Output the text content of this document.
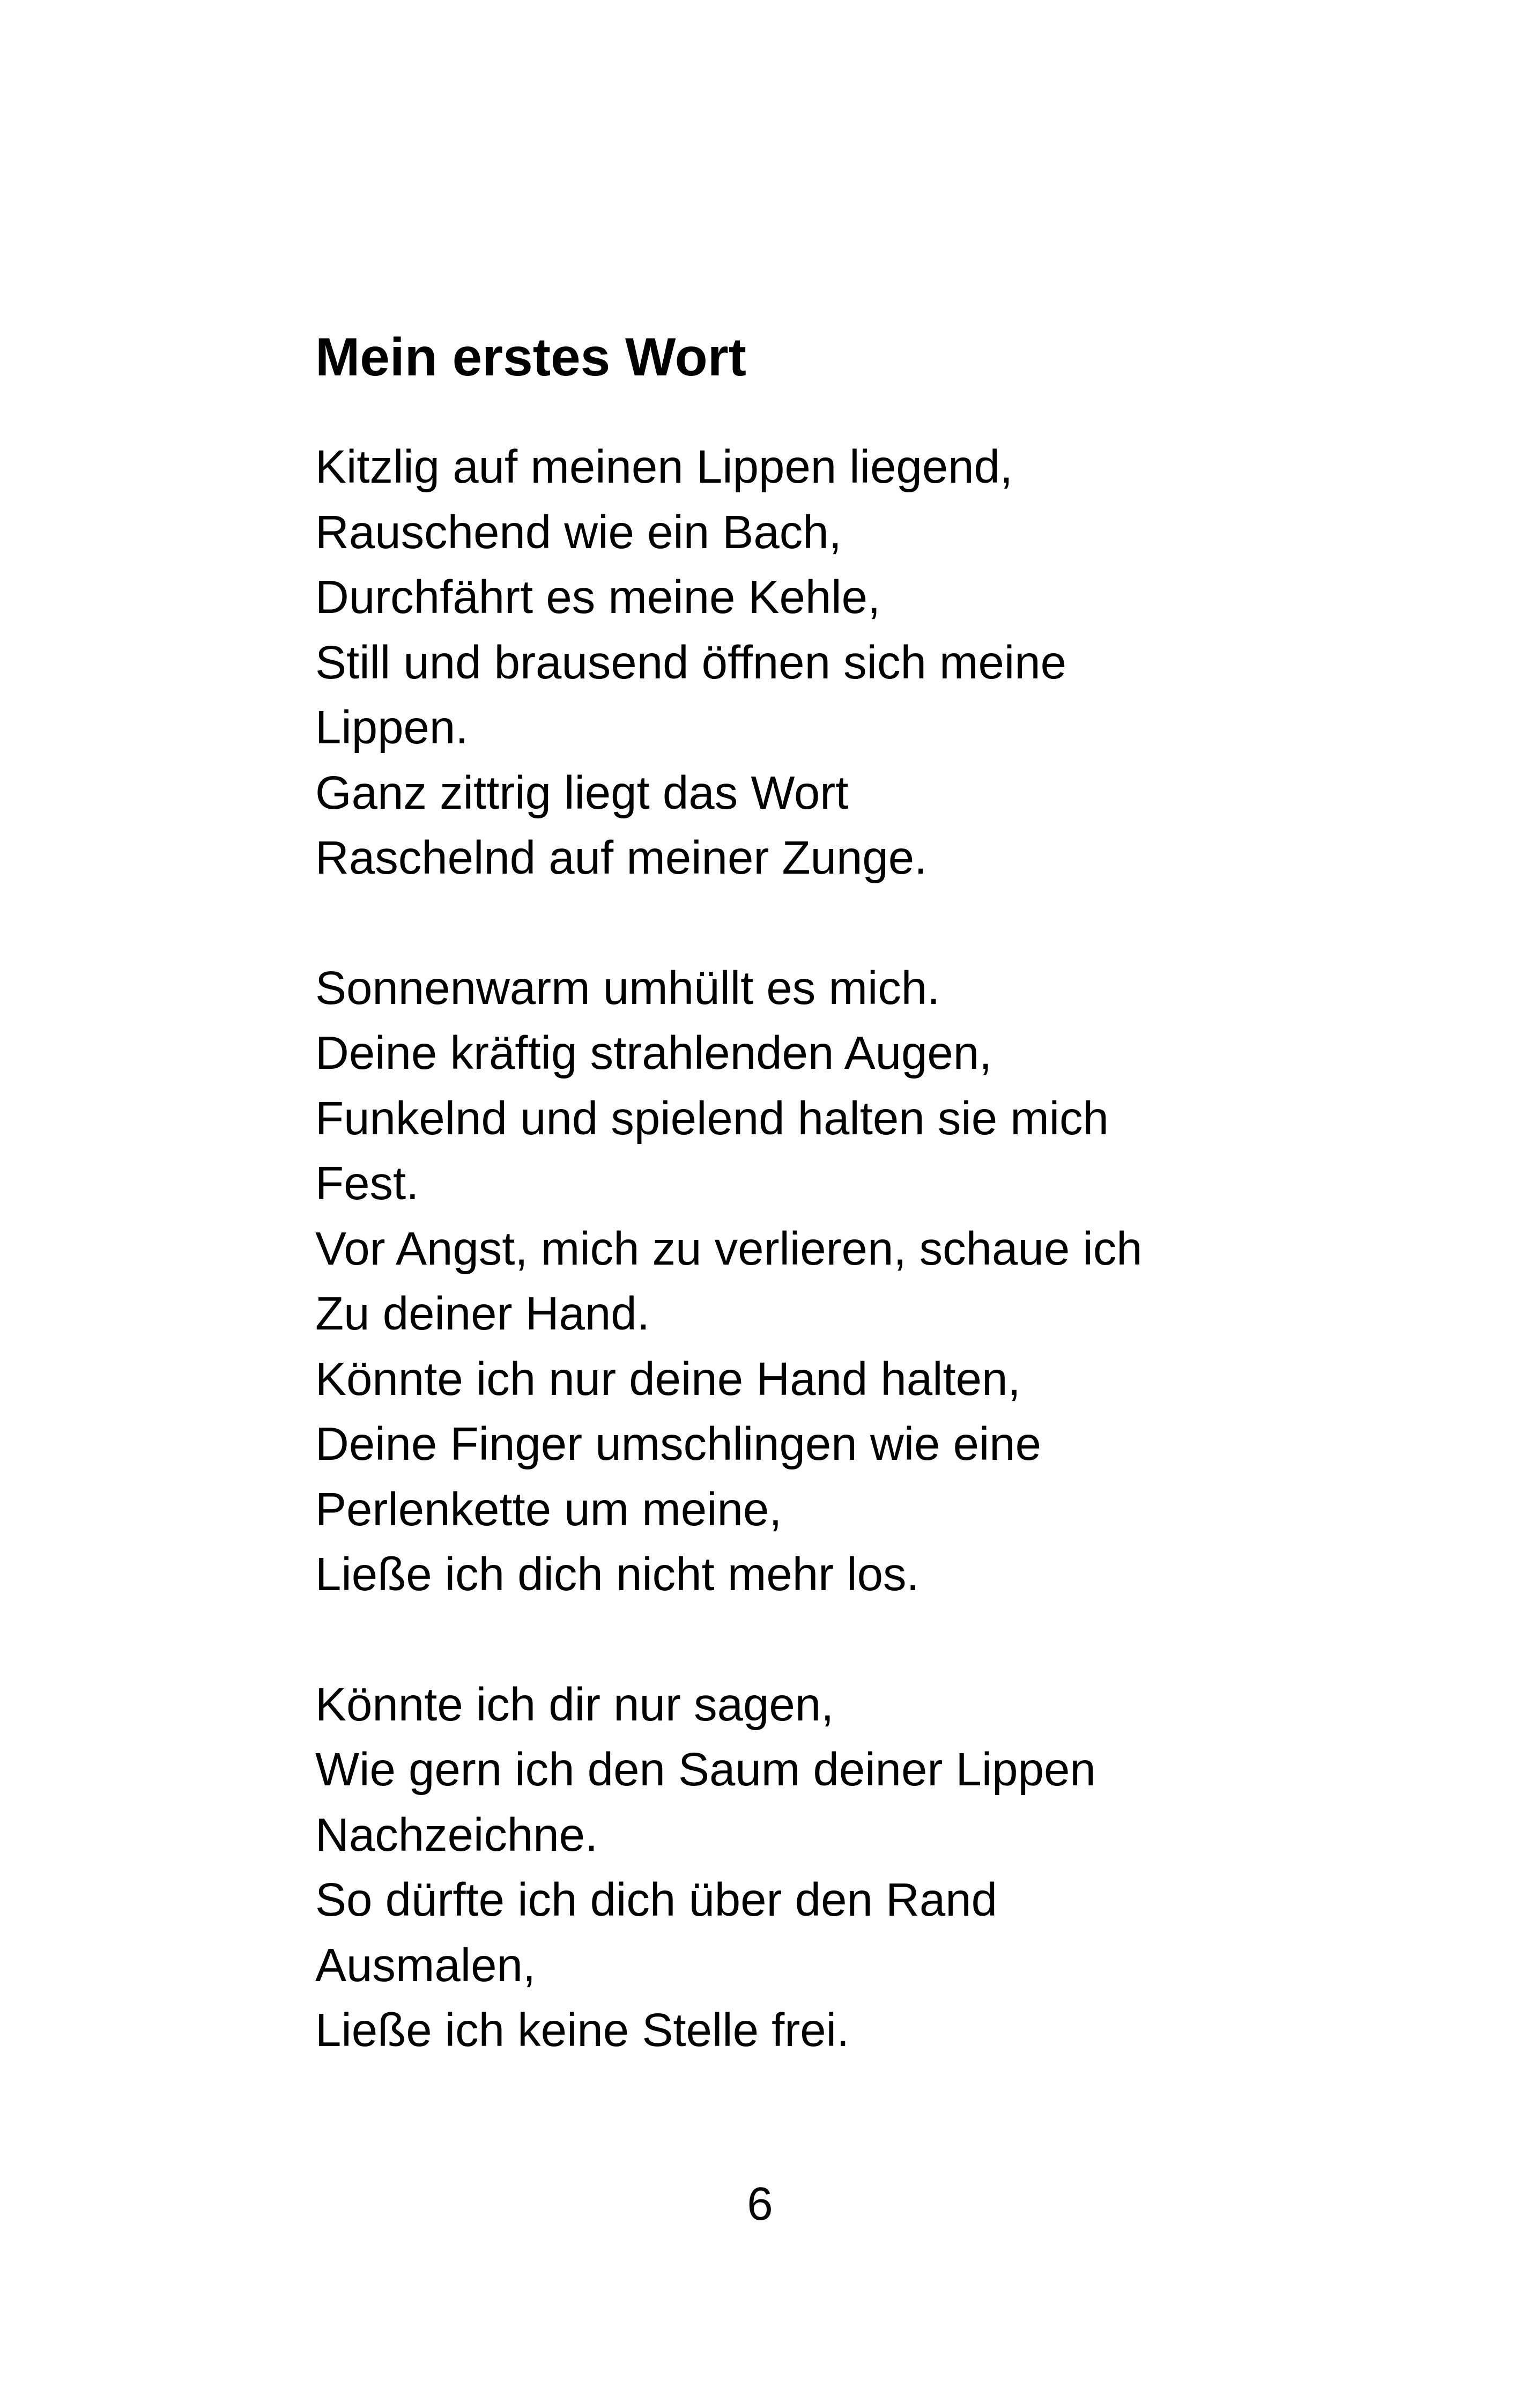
Mein erstes Wort
Kitzlig auf meinen Lippen liegend,
Rauschend wie ein Bach,
Durchfährt es meine Kehle,
Still und brausend öffnen sich meine
Lippen.
Ganz zittrig liegt das Wort
Raschelnd auf meiner Zunge.
Sonnenwarm umhüllt es mich.
Deine kräftig strahlenden Augen,
Funkelnd und spielend halten sie mich
Fest.
Vor Angst, mich zu verlieren, schaue ich
Zu deiner Hand.
Könnte ich nur deine Hand halten,
Deine Finger umschlingen wie eine
Perlenkette um meine,
Ließe ich dich nicht mehr los.
Könnte ich dir nur sagen,
Wie gern ich den Saum deiner Lippen
Nachzeichne.
So dürfte ich dich über den Rand
Ausmalen,
Ließe ich keine Stelle frei.
6
